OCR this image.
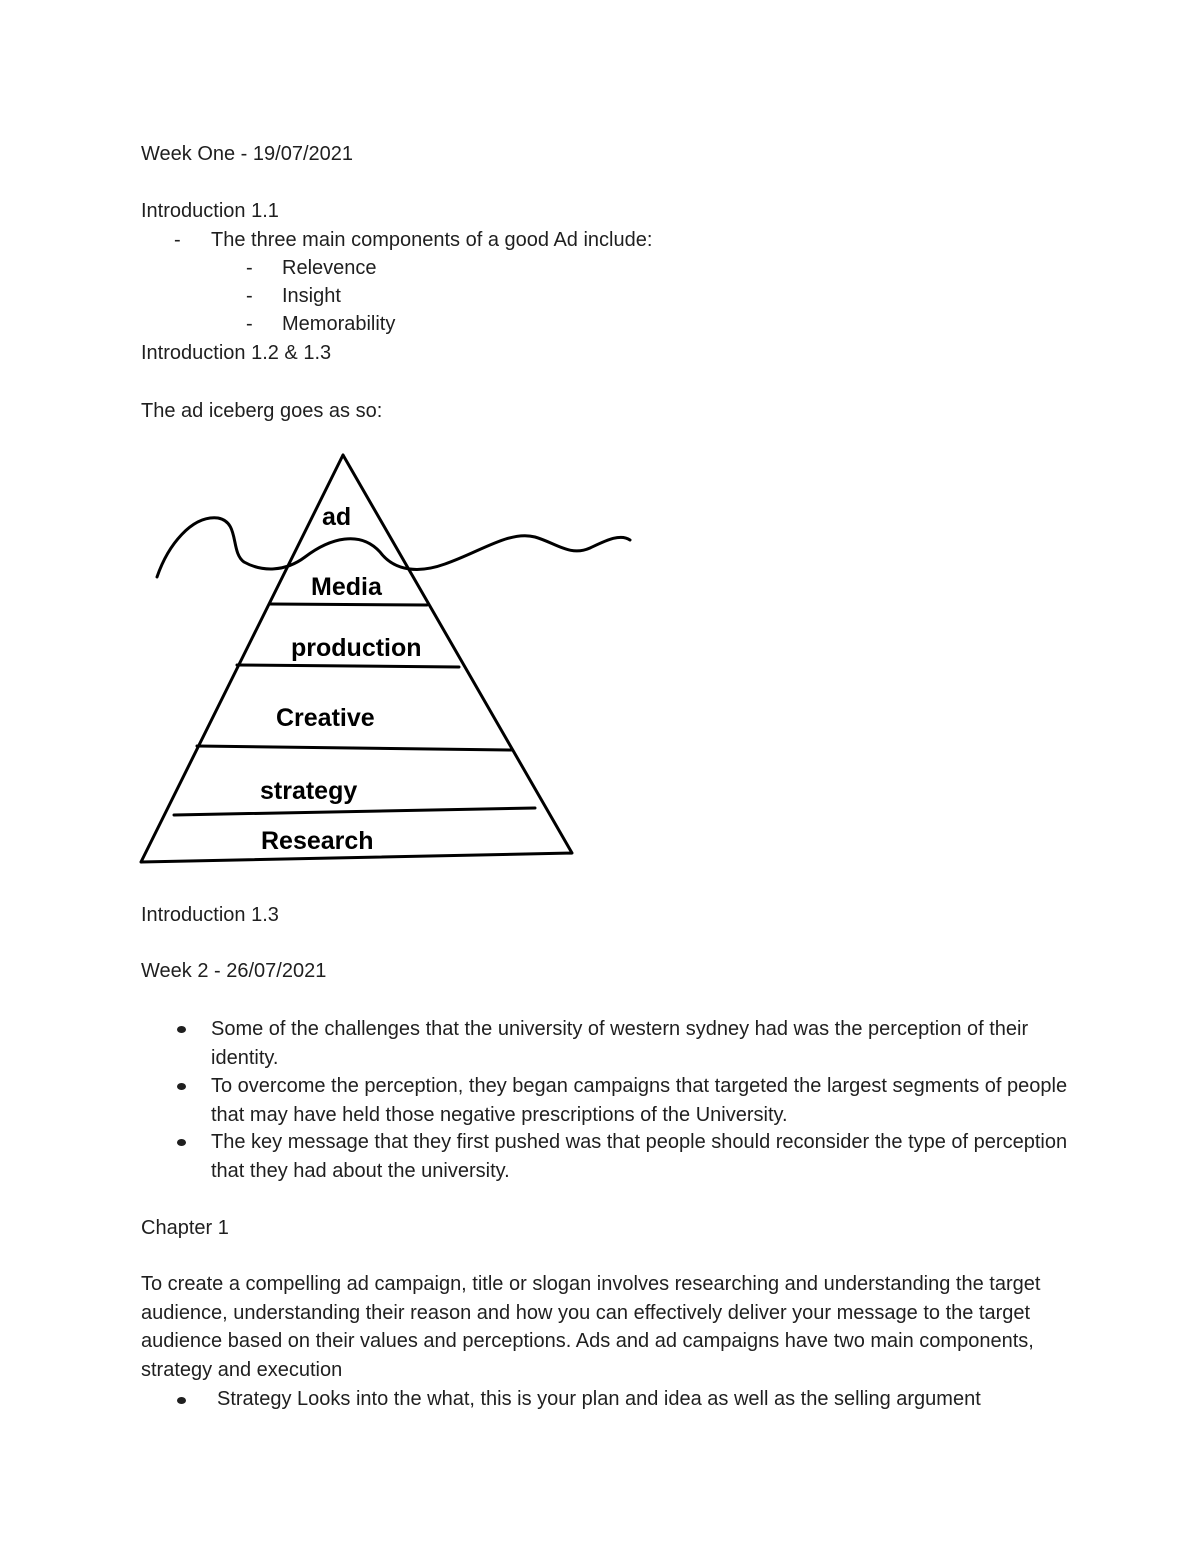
Week One - 19/07/2021
Introduction 1.1
- The three main components of a good Ad include:
- Relevence
- Insight
- Memorability
Introduction 1.2 & 1.3
The ad iceberg goes as so:
ad
Media
production
Creative
strategy
Research
Introduction 1.3
Week 2 - 26/07/2021
Some of the challenges that the university of western sydney had was the perception of their identity.
To overcome the perception, they began campaigns that targeted the largest segments of people that may have held those negative prescriptions of the University.
The key message that they first pushed was that people should reconsider the type of perception that they had about the university.
Chapter 1
To create a compelling ad campaign, title or slogan involves researching and understanding the target audience, understanding their reason and how you can effectively deliver your message to the target audience based on their values and perceptions. Ads and ad campaigns have two main components, strategy and execution
Strategy Looks into the what, this is your plan and idea as well as the selling argument
